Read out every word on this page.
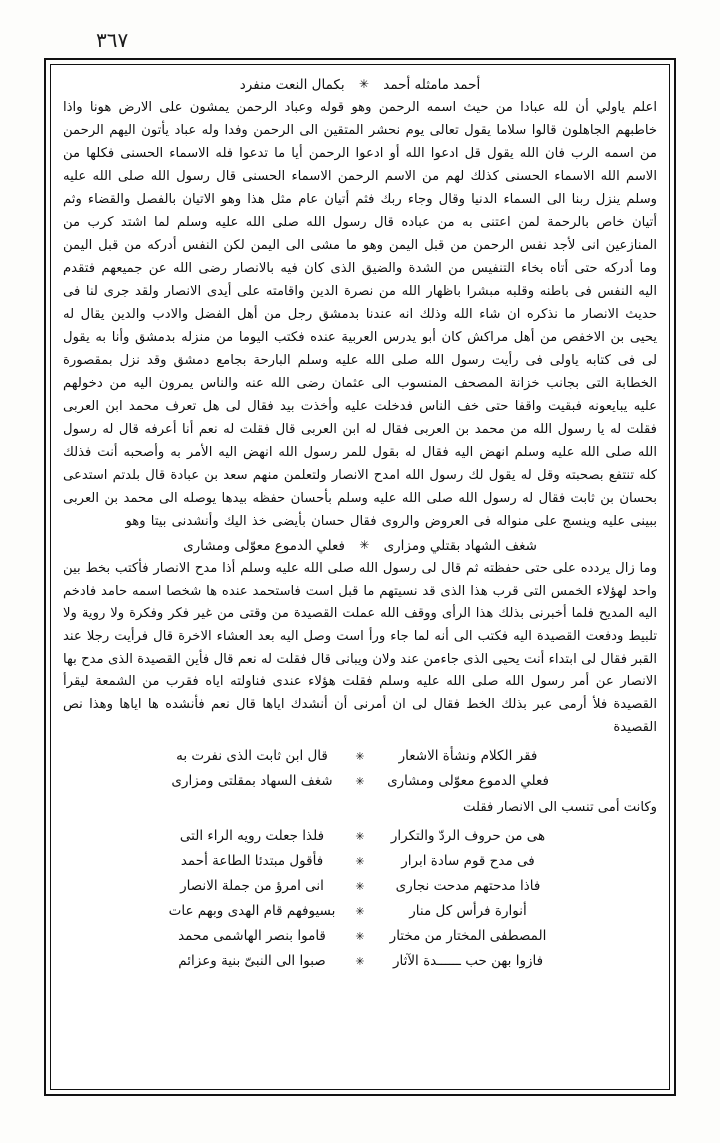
٣٦٧
أحمد مامثله أحمد ✳ بكمال النعت منفرد

اعلم ياولي أن لله عبادا من حيث اسمه الرحمن وهو قوله وعباد الرحمن يمشون على الارض هونا واذا خاطبهم الجاهلون قالوا سلاما يقول تعالى يوم نحشر المتقين الى الرحمن وفدا وله عباد يأتون اليهم الرحمن من اسمه الرب فان الله يقول قل ادعوا الله أو ادعوا الرحمن أيا ما تدعوا فله الاسماء الحسنى فكلها من الاسم الله الاسماء الحسنى كذلك لهم من الاسم الرحمن الاسماء الحسنى قال رسول الله صلى الله عليه وسلم ينزل ربنا الى السماء الدنيا وقال وجاء ربك فثم أتيان عام مثل هذا وهو الاتيان بالفصل والقضاء وثم أتيان خاص بالرحمة لمن اعتنى به من عباده قال رسول الله صلى الله عليه وسلم لما اشتد كرب من المنازعين انى لأجد نفس الرحمن من قبل اليمن وهو ما مشى الى اليمن لكن النفس أدركه من قبل اليمن وما أدركه حتى أتاه بخاء التنفيس من الشدة والضيق الذى كان فيه بالانصار رضى الله عن جميعهم فتقدم اليه النفس فى باطنه وقلبه مبشرا باظهار الله من نصرة الدين واقامته على أيدى الانصار ولقد جرى لنا فى حديث الانصار ما نذكره ان شاء الله وذلك انه عندنا بدمشق رجل من أهل الفضل والادب والدين يقال له يحيى بن الاخفص من أهل مراكش كان أبو يدرس العربية عنده فكتب اليوما من منزله بدمشق وأنا به يقول لى فى كتابه ياولى فى رأيت رسول الله صلى الله عليه وسلم البارحة بجامع دمشق وقد نزل بمقصورة الخطابة التى بجانب خزانة المصحف المنسوب الى عثمان رضى الله عنه والناس يمرون اليه من دخولهم عليه يبايعونه فبقيت واقفا حتى خف الناس فدخلت عليه وأخذت بيد فقال لى هل تعرف محمد ابن العربى فقلت له يا رسول الله من محمد بن العربى فقال له ابن العربى قال فقلت له نعم أنا أعرفه قال له رسول الله صلى الله عليه وسلم انهض اليه فقال له بقول للمر رسول الله انهض اليه الأمر به وأصحبه أنت فذلك كله تنتفع بصحبته وقل له يقول لك رسول الله امدح الانصار ولتعلمن منهم سعد بن عبادة قال بلدتم استدعى بحسان بن ثابت فقال له رسول الله صلى الله عليه وسلم بأحسان حفظه بيدها يوصله الى محمد بن العربى ببينى عليه وينسج على منواله فى العروض والروى فقال حسان بأيضى خذ اليك وأنشدنى بيتا وهو

شغف الشهاد بقتلي ومزارى ✳ فعلي الدموع معوّلى ومشارى

وما زال يردده على حتى حفظته ثم قال لى رسول الله صلى الله عليه وسلم أذا مدح الانصار فأكتب بخط بين واحد لهؤلاء الخمس التى قرب هذا الذى قد نسيتهم ما قبل است فاستحمد عنده ها شخصا اسمه حامد فادخم اليه المديح فلما أخبرنى بذلك هذا الرأى ووقف الله عملت القصيدة من وقتى من غير فكر وفكرة ولا روية ولا تلبيط ودفعت القصيدة اليه فكتب الى أنه لما جاء ورأ است وصل اليه بعد العشاء الاخرة قال فرأيت رجلا عند القبر فقال لى ابتداء أنت يحيى الذى جاءمن عند ولان ويبانى قال فقلت له نعم قال فأين القصيدة الذى مدح بها الانصار عن أمر رسول الله صلى الله عليه وسلم فقلت هؤلاء عندى فناولته اياه فقرب من الشمعة ليقرأ القصيدة فلأ أرمى عبر بذلك الخط فقال لى ان أمرنى أن أنشدك اياها قال نعم فأنشده ها اياها وهذا نص القصيدة

فقر الكلام ونشأة الاشعار
✳
قال ابن ثابت الذى نفرت به
فعلي الدموع معوّلى ومشارى
✳
شغف السهاد بمقلتى ومزارى
وكانت أمى تنسب الى الانصار فقلت
هى من حروف الردّ والتكرار
✳
فلذا جعلت رويه الراء التى
فى مدح قوم سادة ابرار
✳
فأقول مبتدئا الطاعة أحمد
فاذا مدحتهم مدحت نجارى
✳
انى امرؤ من جملة الانصار
أنوارة فرأس كل منار
✳
بسيوفهم قام الهدى وبهم عات
المصطفى المختار من مختار
✳
قاموا بنصر الهاشمى محمد
فازوا بهن حب ــــــدة الآثار
✳
صبوا الى النبىّ بنية وعزائم
